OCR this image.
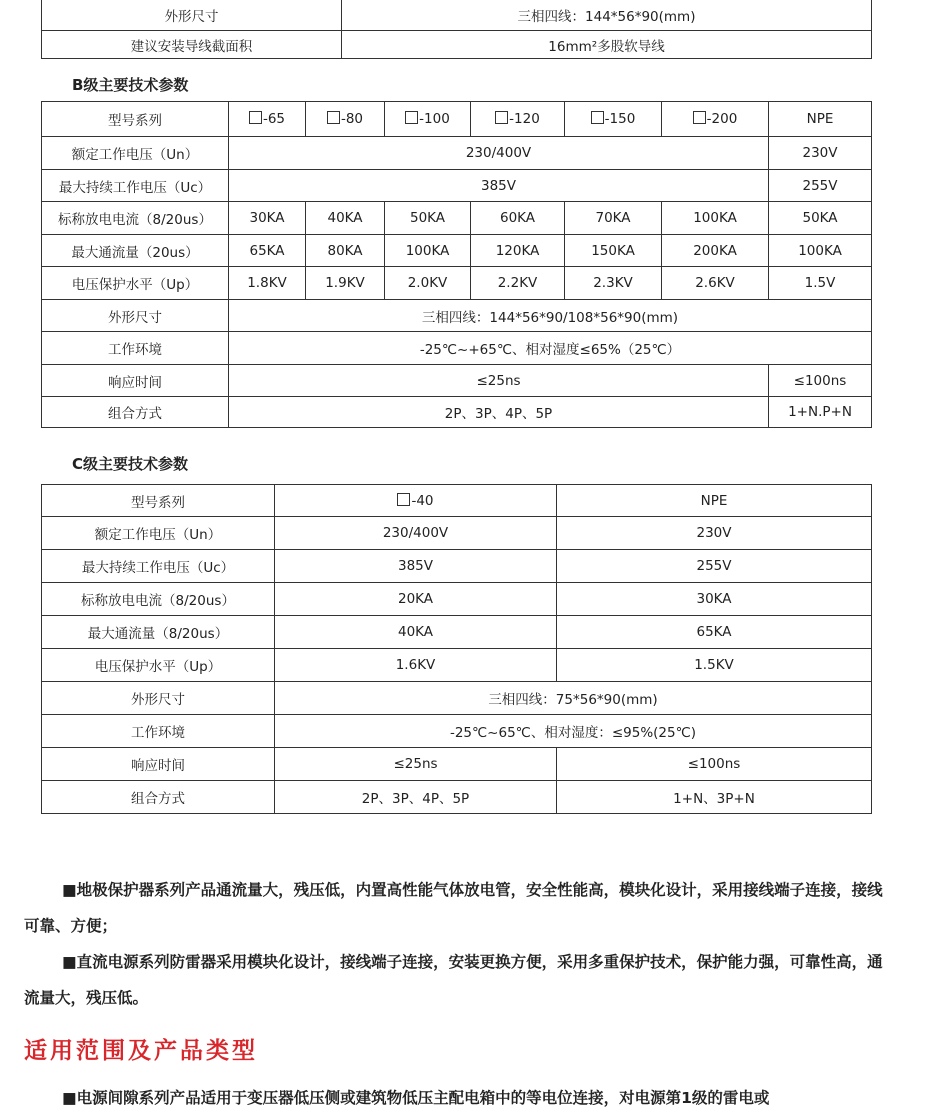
外形尺寸	三相四线：144*56*90(mm)
建议安装导线截面积	16mm²多股软导线
B级主要技术参数
型号系列	-65	-80	-100	-120	-150	-200	NPE
额定工作电压（Un）	230/400V						230V
最大持续工作电压（Uc）	385V						255V
标称放电电流（8/20us）	30KA	40KA	50KA	60KA	70KA	100KA	50KA
最大通流量（20us）	65KA	80KA	100KA	120KA	150KA	200KA	100KA
电压保护水平（Up）	1.8KV	1.9KV	2.0KV	2.2KV	2.3KV	2.6KV	1.5V
外形尺寸	三相四线：144*56*90/108*56*90(mm)						
工作环境	-25℃~+65℃、相对湿度≤65%（25℃）						
响应时间	≤25ns						≤100ns
组合方式	2P、3P、4P、5P						1+N.P+N
C级主要技术参数
型号系列	-40	NPE
额定工作电压（Un）	230/400V	230V
最大持续工作电压（Uc）	385V	255V
标称放电电流（8/20us）	20KA	30KA
最大通流量（8/20us）	40KA	65KA
电压保护水平（Up）	1.6KV	1.5KV
外形尺寸	三相四线：75*56*90(mm)	
工作环境	-25℃~65℃、相对湿度：≤95%(25℃)	
响应时间	≤25ns	≤100ns
组合方式	2P、3P、4P、5P	1+N、3P+N
■地极保护器系列产品通流量大，残压低，内置高性能气体放电管，安全性能高，模块化设计，采用接线端子连接，接线可靠、方便；
■直流电源系列防雷器采用模块化设计，接线端子连接，安装更换方便，采用多重保护技术，保护能力强，可靠性高，通流量大，残压低。
适用范围及产品类型
■电源间隙系列产品适用于变压器低压侧或建筑物低压主配电箱中的等电位连接，对电源第1级的雷电或
